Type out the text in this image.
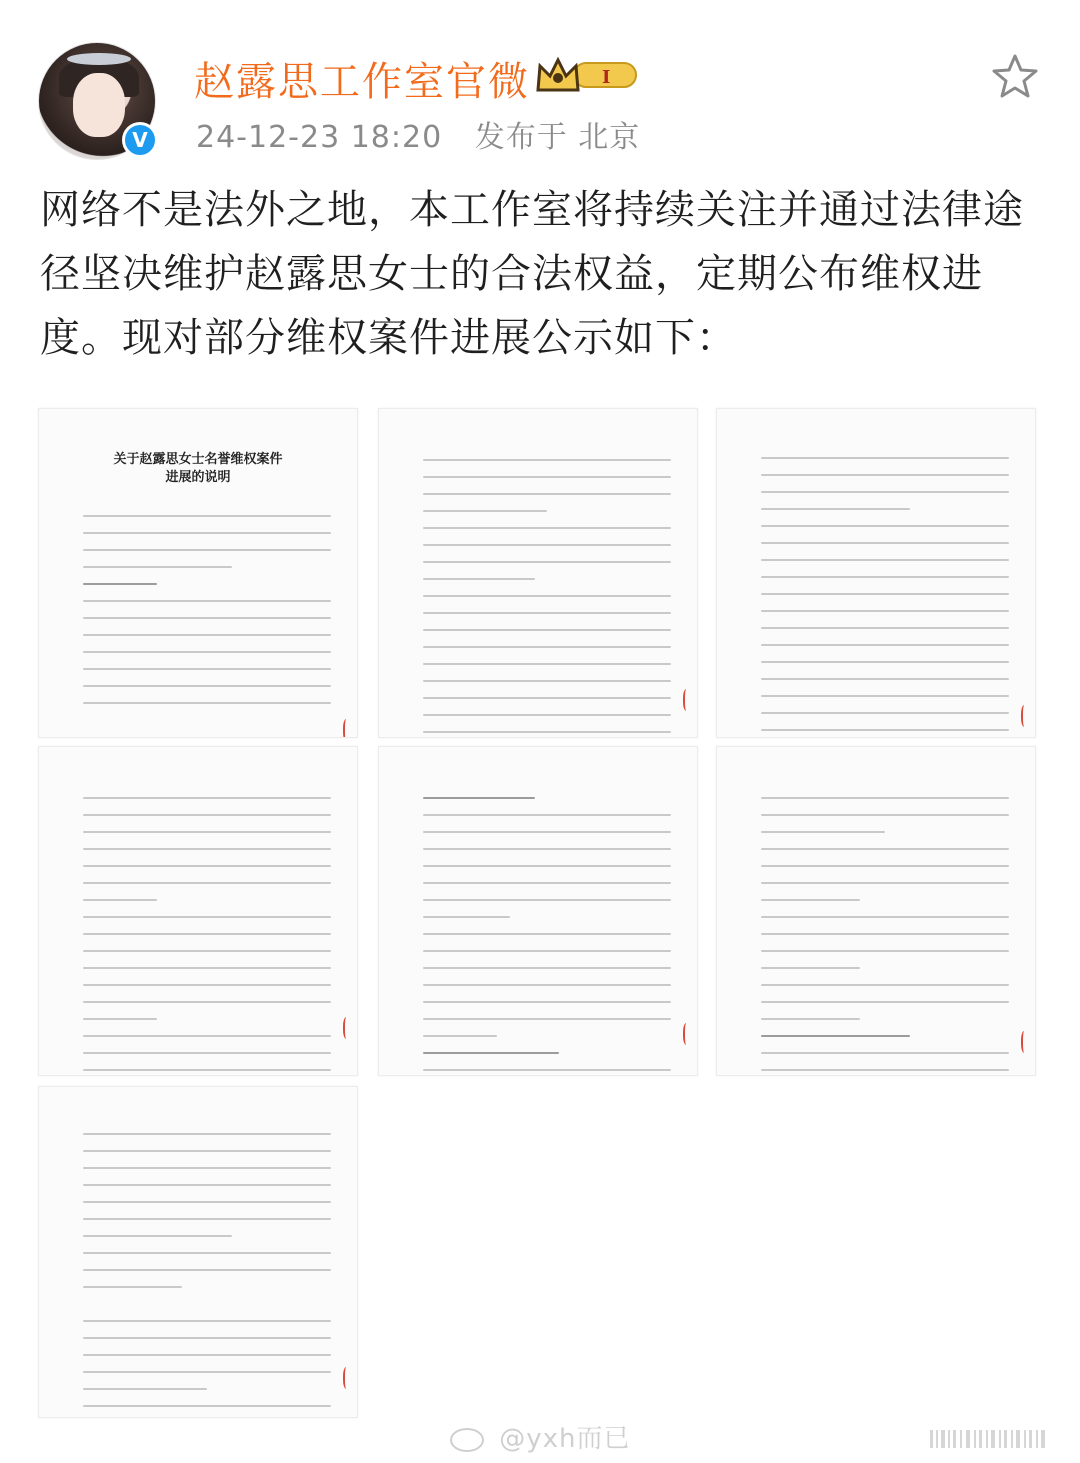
V
赵露思工作室官微	I
24-12-23 18:20 发布于 北京
网络不是法外之地，本工作室将持续关注并通过法律途径坚决维护赵露思女士的合法权益，定期公布维权进度。现对部分维权案件进展公示如下：
关于赵露思女士名誉维权案件进展的说明
@yxh而已
